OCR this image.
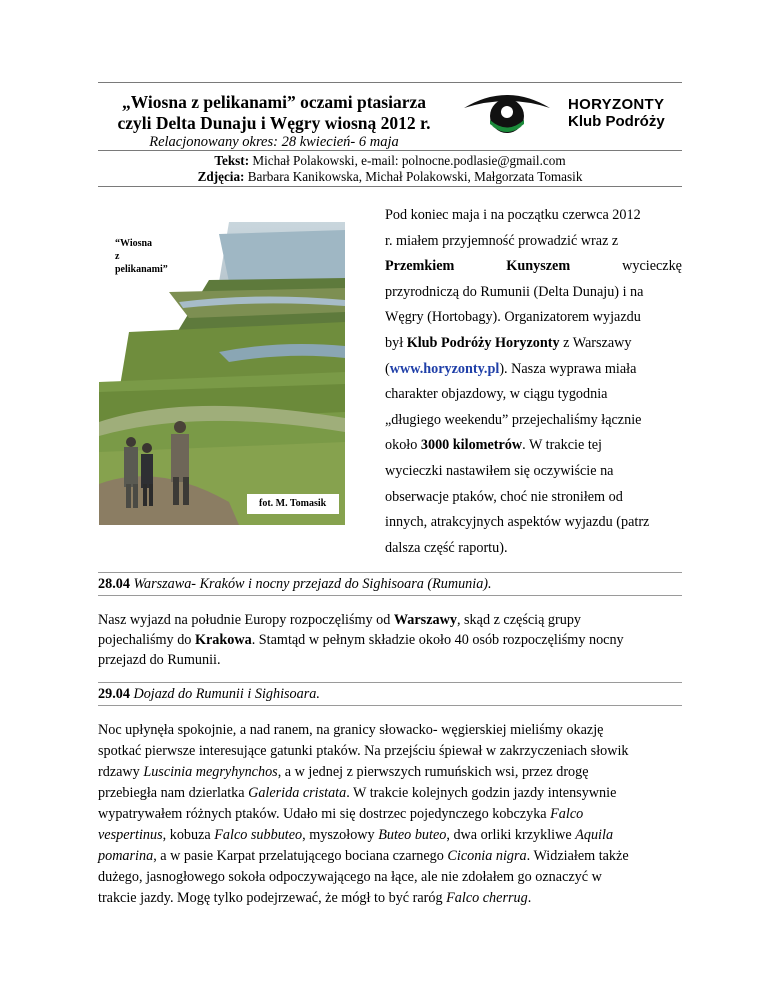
„Wiosna z pelikanami” oczami ptasiarza
czyli Delta Dunaju i Węgry wiosną 2012 r.
Relacjonowany okres: 28 kwiecień- 6 maja
HORYZONTY
Klub Podróży
Tekst: Michał Polakowski, e-mail: polnocne.podlasie@gmail.com
Zdjęcia: Barbara Kanikowska, Michał Polakowski, Małgorzata Tomasik
“Wiosna
z
pelikanami”
fot. M. Tomasik
Pod koniec maja i na początku czerwca 2012
r. miałem przyjemność prowadzić wraz z
Przemkiem	Kunyszem	wycieczkę
przyrodniczą do Rumunii (Delta Dunaju) i na
Węgry (Hortobagy). Organizatorem wyjazdu
był Klub Podróży Horyzonty z Warszawy
(www.horyzonty.pl). Nasza wyprawa miała
charakter objazdowy, w ciągu tygodnia
„długiego weekendu” przejechaliśmy łącznie
około 3000 kilometrów. W trakcie tej
wycieczki nastawiłem się oczywiście na
obserwacje ptaków, choć nie stroniłem od
innych, atrakcyjnych aspektów wyjazdu (patrz
dalsza część raportu).
28.04 Warszawa- Kraków i nocny przejazd do Sighisoara (Rumunia).
Nasz wyjazd na południe Europy rozpoczęliśmy od Warszawy, skąd z częścią grupy
pojechaliśmy do Krakowa. Stamtąd w pełnym składzie około 40 osób rozpoczęliśmy nocny
przejazd do Rumunii.
29.04 Dojazd do Rumunii i Sighisoara.
Noc upłynęła spokojnie, a nad ranem, na granicy słowacko- węgierskiej mieliśmy okazję
spotkać pierwsze interesujące gatunki ptaków. Na przejściu śpiewał w zakrzyczeniach słowik
rdzawy Luscinia megryhynchos, a w jednej z pierwszych rumuńskich wsi, przez drogę
przebiegła nam dzierlatka Galerida cristata. W trakcie kolejnych godzin jazdy intensywnie
wypatrywałem różnych ptaków. Udało mi się dostrzec pojedynczego kobczyka Falco
vespertinus, kobuza Falco subbuteo, myszołowy Buteo buteo, dwa orliki krzykliwe Aquila
pomarina, a w pasie Karpat przelatującego bociana czarnego Ciconia nigra. Widziałem także
dużego, jasnogłowego sokoła odpoczywającego na łące, ale nie zdołałem go oznaczyć w
trakcie jazdy. Mogę tylko podejrzewać, że mógł to być raróg Falco cherrug.
